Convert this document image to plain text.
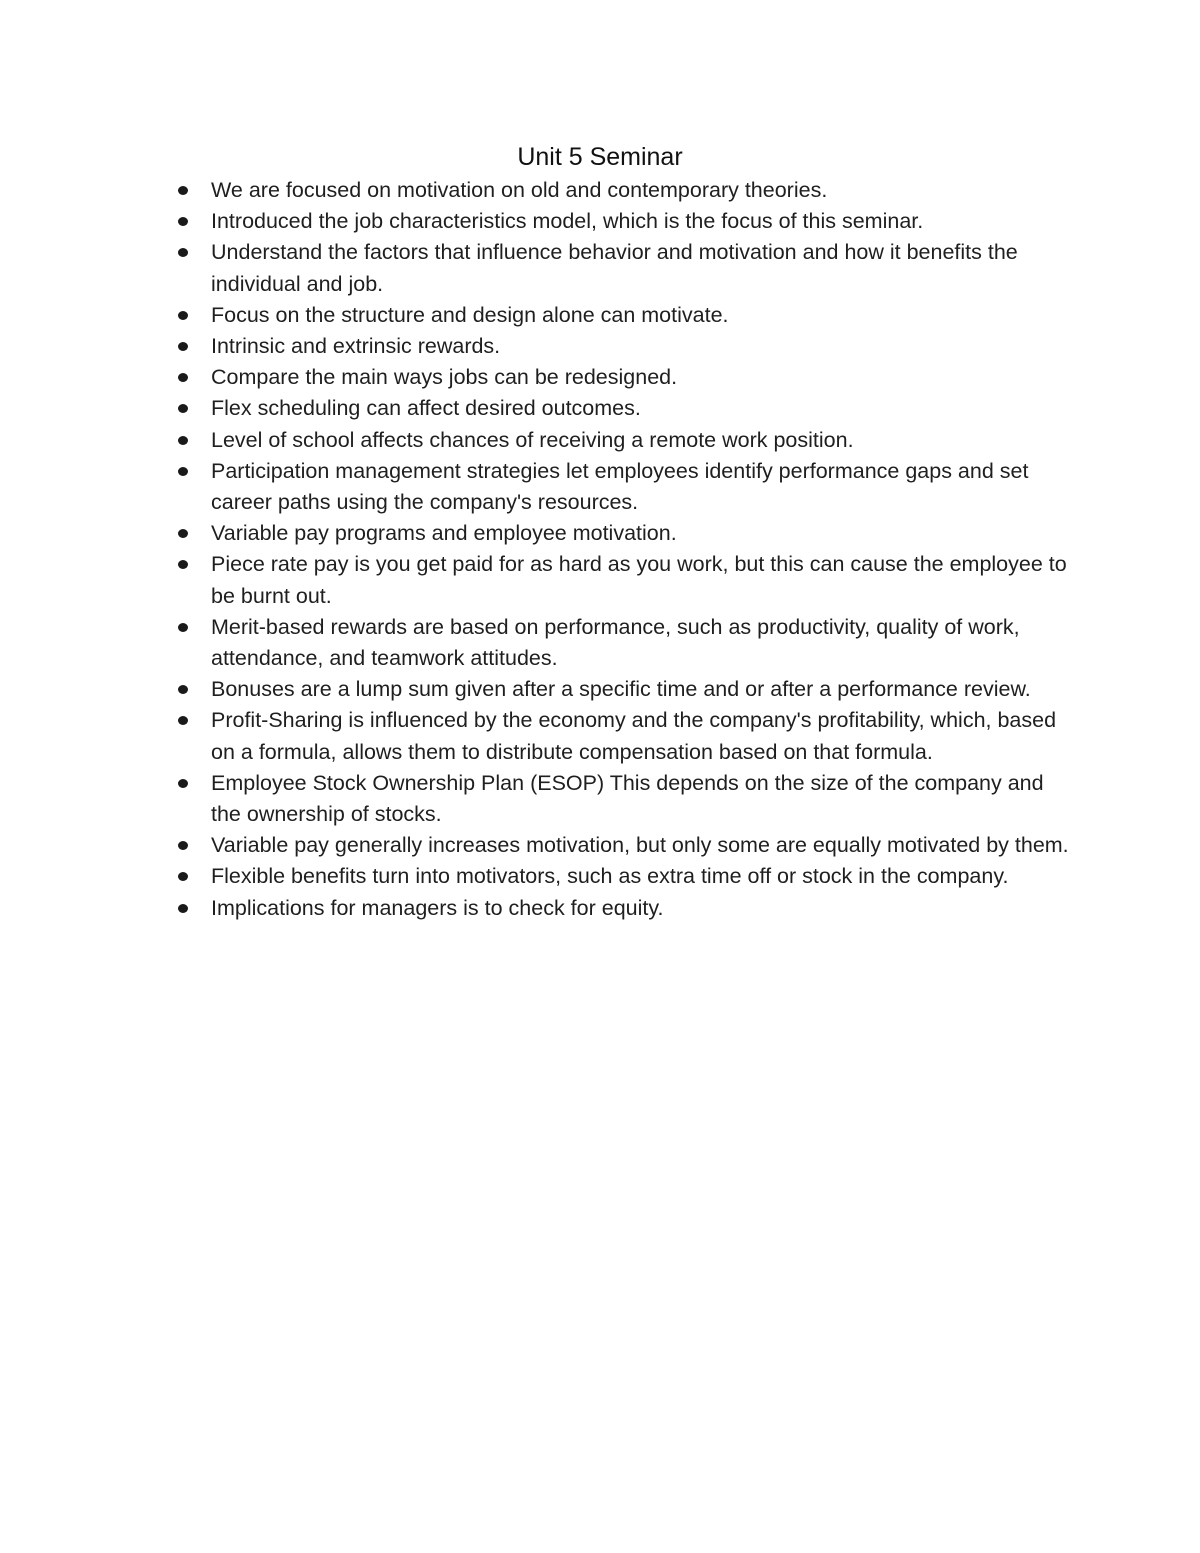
Unit 5 Seminar
We are focused on motivation on old and contemporary theories.
Introduced the job characteristics model, which is the focus of this seminar.
Understand the factors that influence behavior and motivation and how it benefits the individual and job.
Focus on the structure and design alone can motivate.
Intrinsic and extrinsic rewards.
Compare the main ways jobs can be redesigned.
Flex scheduling can affect desired outcomes.
Level of school affects chances of receiving a remote work position.
Participation management strategies let employees identify performance gaps and set career paths using the company's resources.
Variable pay programs and employee motivation.
Piece rate pay is you get paid for as hard as you work, but this can cause the employee to be burnt out.
Merit-based rewards are based on performance, such as productivity, quality of work, attendance, and teamwork attitudes.
Bonuses are a lump sum given after a specific time and or after a performance review.
Profit-Sharing is influenced by the economy and the company's profitability, which, based on a formula, allows them to distribute compensation based on that formula.
Employee Stock Ownership Plan (ESOP) This depends on the size of the company and the ownership of stocks.
Variable pay generally increases motivation, but only some are equally motivated by them.
Flexible benefits turn into motivators, such as extra time off or stock in the company.
Implications for managers is to check for equity.
